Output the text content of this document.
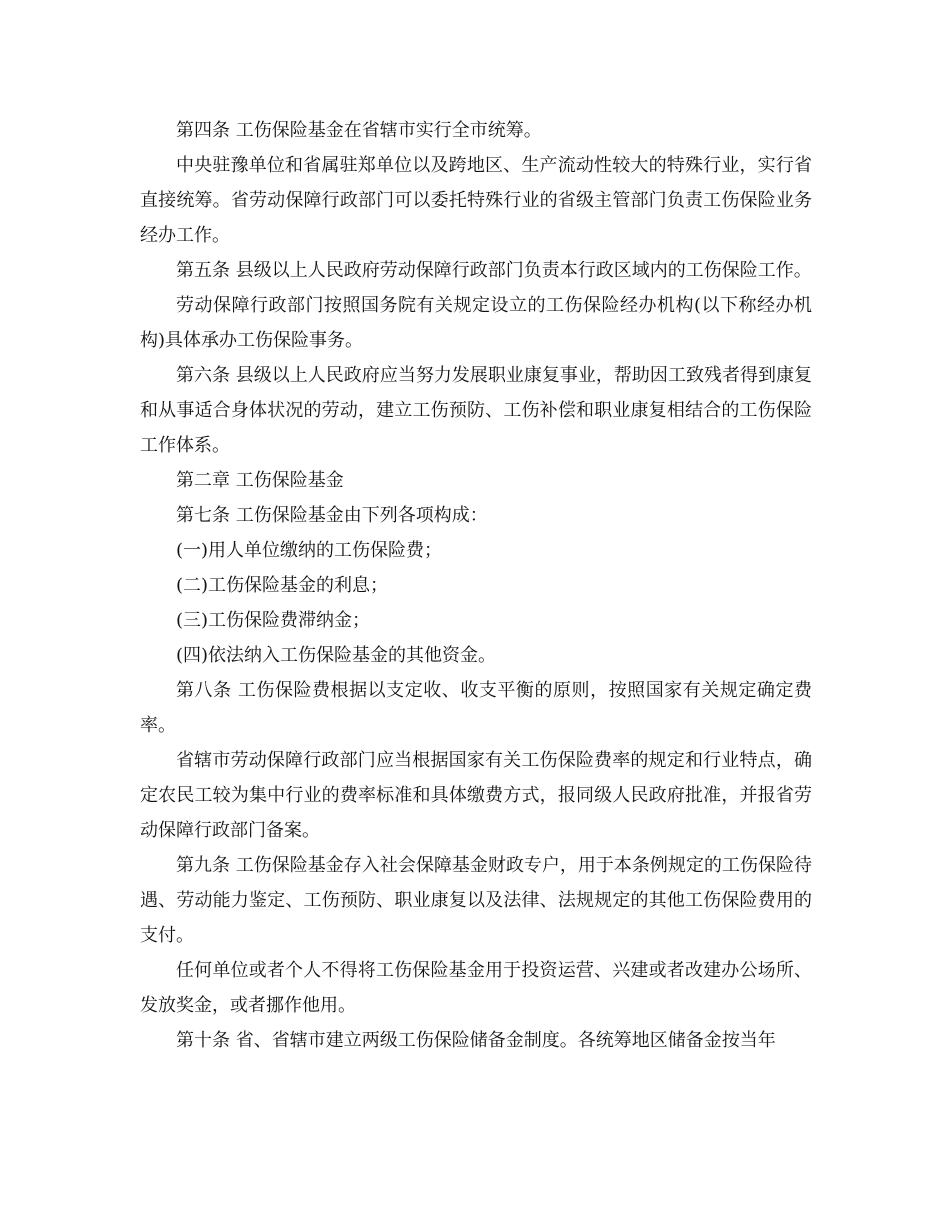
第四条 工伤保险基金在省辖市实行全市统筹。

中央驻豫单位和省属驻郑单位以及跨地区、生产流动性较大的特殊行业，实行省直接统筹。省劳动保障行政部门可以委托特殊行业的省级主管部门负责工伤保险业务经办工作。

第五条 县级以上人民政府劳动保障行政部门负责本行政区域内的工伤保险工作。

劳动保障行政部门按照国务院有关规定设立的工伤保险经办机构(以下称经办机构)具体承办工伤保险事务。

第六条 县级以上人民政府应当努力发展职业康复事业，帮助因工致残者得到康复和从事适合身体状况的劳动，建立工伤预防、工伤补偿和职业康复相结合的工伤保险工作体系。

第二章 工伤保险基金

第七条 工伤保险基金由下列各项构成：

(一)用人单位缴纳的工伤保险费；

(二)工伤保险基金的利息；

(三)工伤保险费滞纳金；

(四)依法纳入工伤保险基金的其他资金。

第八条 工伤保险费根据以支定收、收支平衡的原则，按照国家有关规定确定费率。

省辖市劳动保障行政部门应当根据国家有关工伤保险费率的规定和行业特点，确定农民工较为集中行业的费率标准和具体缴费方式，报同级人民政府批准，并报省劳动保障行政部门备案。

第九条 工伤保险基金存入社会保障基金财政专户，用于本条例规定的工伤保险待遇、劳动能力鉴定、工伤预防、职业康复以及法律、法规规定的其他工伤保险费用的支付。

任何单位或者个人不得将工伤保险基金用于投资运营、兴建或者改建办公场所、发放奖金，或者挪作他用。

第十条 省、省辖市建立两级工伤保险储备金制度。各统筹地区储备金按当年
